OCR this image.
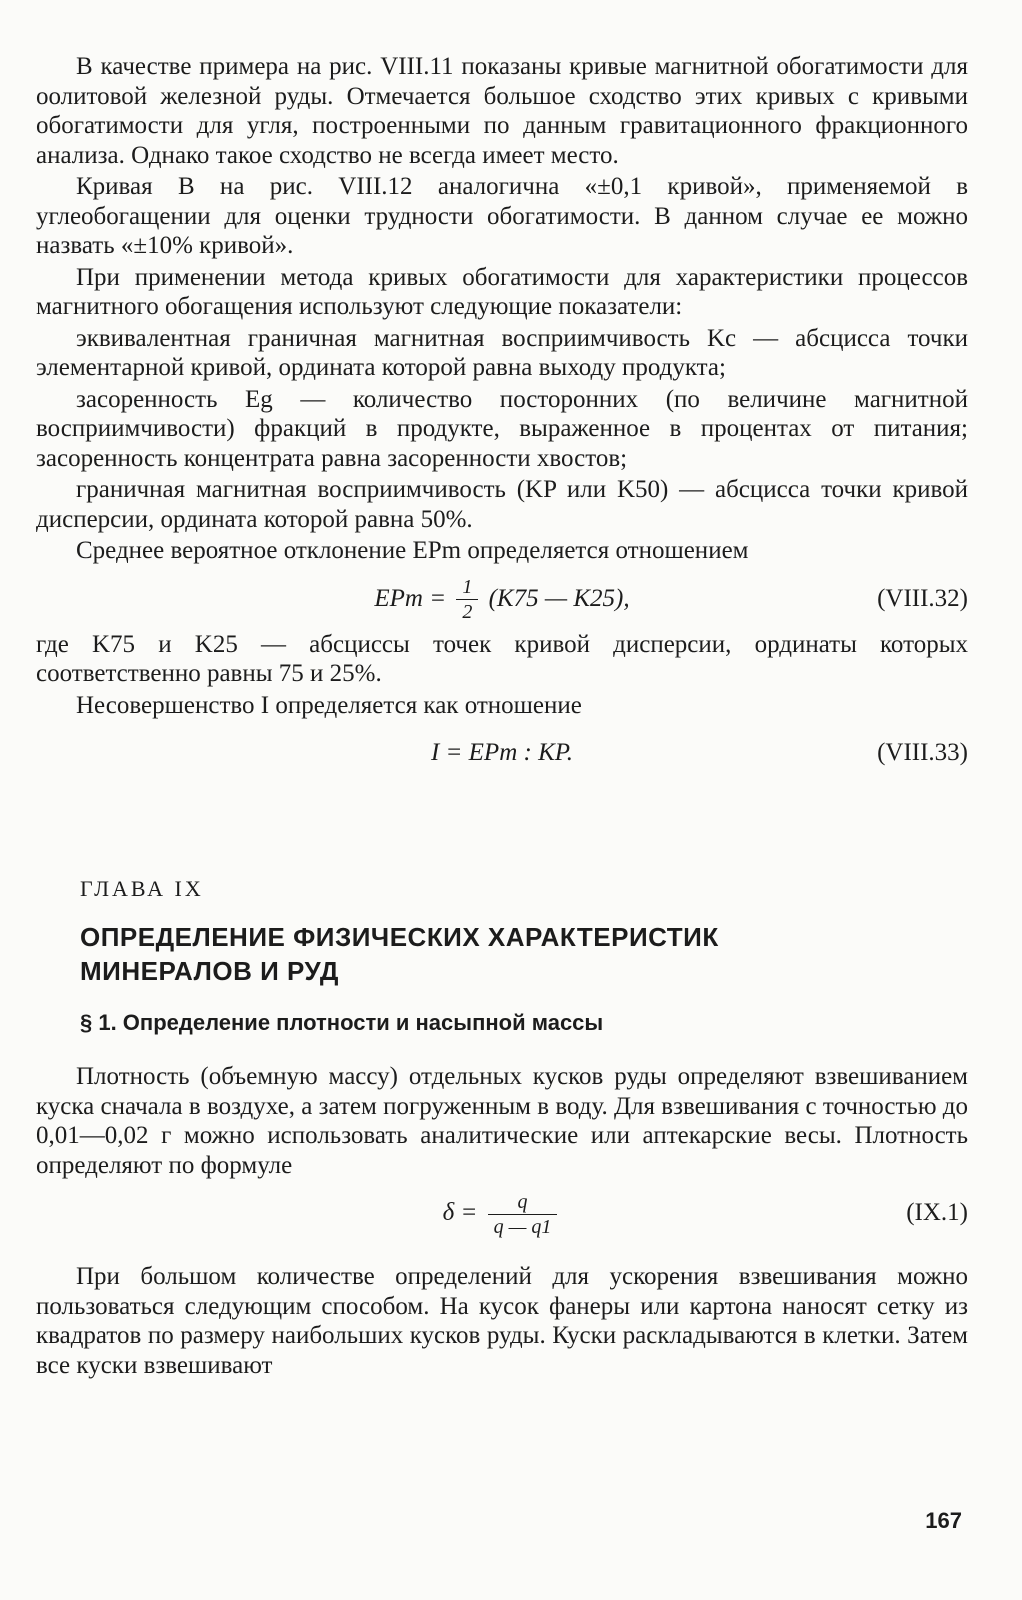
В качестве примера на рис. VIII.11 показаны кривые магнитной обогатимости для оолитовой железной руды. Отмечается большое сходство этих кривых с кривыми обогатимости для угля, построенными по данным гравитационного фракционного анализа. Однако такое сходство не всегда имеет место.

Кривая B на рис. VIII.12 аналогична «±0,1 кривой», применяемой в углеобогащении для оценки трудности обогатимости. В данном случае ее можно назвать «±10% кривой».

При применении метода кривых обогатимости для характеристики процессов магнитного обогащения используют следующие показатели:

эквивалентная граничная магнитная восприимчивость Kc — абсцисса точки элементарной кривой, ордината которой равна выходу продукта;

засоренность Eg — количество посторонних (по величине магнитной восприимчивости) фракций в продукте, выраженное в процентах от питания; засоренность концентрата равна засоренности хвостов;

граничная магнитная восприимчивость (KP или K50) — абсцисса точки кривой дисперсии, ордината которой равна 50%.

Среднее вероятное отклонение EPm определяется отношением

EPm = $\frac{1}{2} (K75$ — K25),	(VIII.32)

где K75 и K25 — абсциссы точек кривой дисперсии, ординаты которых соответственно равны 75 и 25%.

Несовершенство I определяется как отношение

I = EPm : KP.	(VIII.33)
ГЛАВА IX
ОПРЕДЕЛЕНИЕ ФИЗИЧЕСКИХ ХАРАКТЕРИСТИК
МИНЕРАЛОВ И РУД
§ 1. Определение плотности и насыпной массы

Плотность (объемную массу) отдельных кусков руды определяют взвешиванием куска сначала в воздухе, а затем погруженным в воду. Для взвешивания с точностью до 0,01—0,02 г можно использовать аналитические или аптекарские весы. Плотность определяют по формуле

$\delta = \frac{q}{q — q1}$	(IX.1)

При большом количестве определений для ускорения взвешивания можно пользоваться следующим способом. На кусок фанеры или картона наносят сетку из квадратов по размеру наибольших кусков руды. Куски раскладываются в клетки. Затем все куски взвешивают

167
